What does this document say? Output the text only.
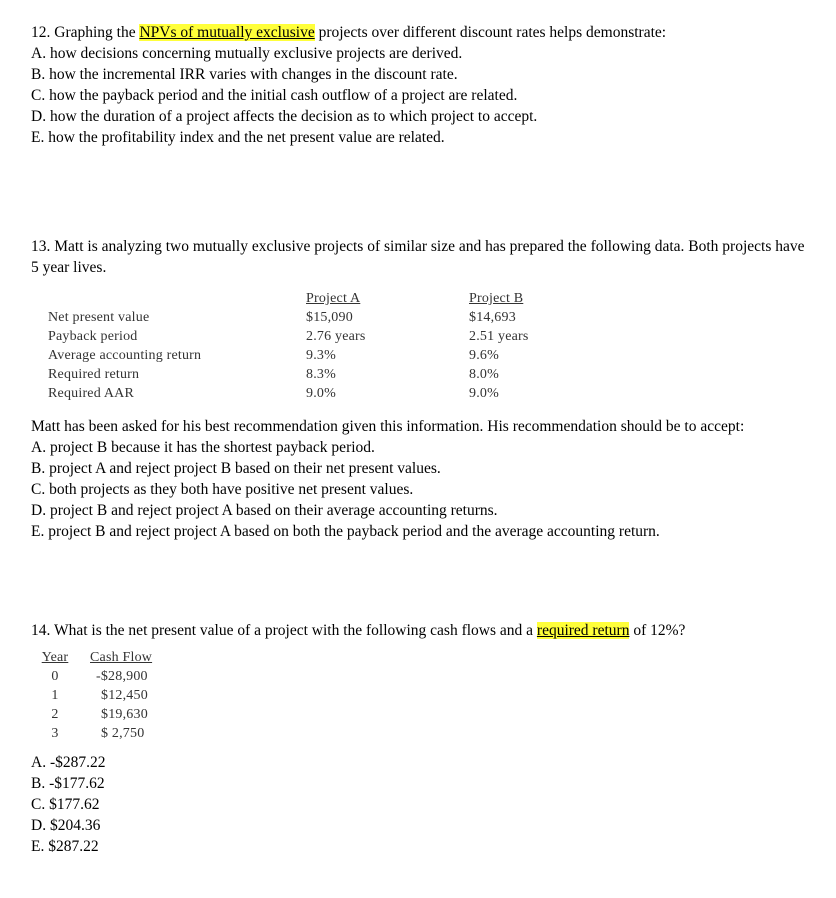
12. Graphing the NPVs of mutually exclusive projects over different discount rates helps demonstrate:

A. how decisions concerning mutually exclusive projects are derived.

B. how the incremental IRR varies with changes in the discount rate.

C. how the payback period and the initial cash outflow of a project are related.

D. how the duration of a project affects the decision as to which project to accept.

E. how the profitability index and the net present value are related.

13. Matt is analyzing two mutually exclusive projects of similar size and has prepared the following data. Both projects have 5 year lives.

Net present value
Payback period
Average accounting return
Required return
Required AAR
Project A
$15,090
2.76 years
9.3%
8.3%
9.0%
Project B
$14,693
2.51 years
9.6%
8.0%
9.0%

Matt has been asked for his best recommendation given this information. His recommendation should be to accept:

A. project B because it has the shortest payback period.

B. project A and reject project B based on their net present values.

C. both projects as they both have positive net present values.

D. project B and reject project A based on their average accounting returns.

E. project B and reject project A based on both the payback period and the average accounting return.

14. What is the net present value of a project with the following cash flows and a required return of 12%?

Year
0
1
2
3
Cash Flow
-$28,900
$12,450
$19,630
$ 2,750

A. -$287.22

B. -$177.62

C. $177.62

D. $204.36

E. $287.22
